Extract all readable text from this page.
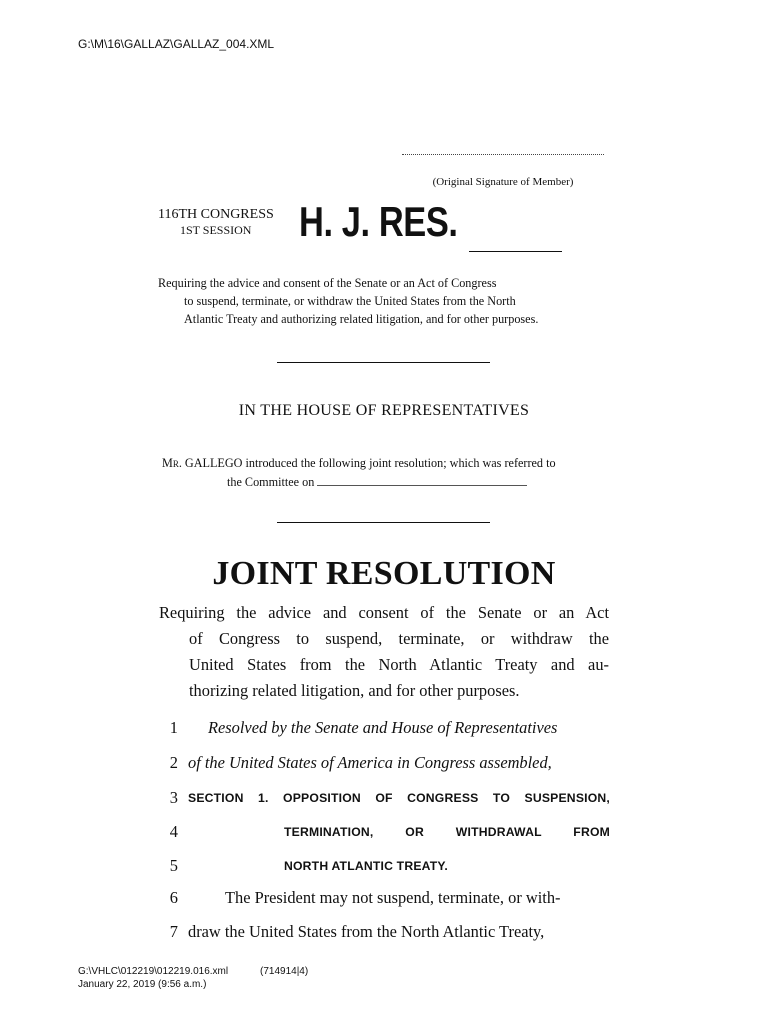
G:\M\16\GALLAZ\GALLAZ_004.XML
(Original Signature of Member)
116TH CONGRESS
1ST SESSION H. J. RES.
Requiring the advice and consent of the Senate or an Act of Congress
to suspend, terminate, or withdraw the United States from the North
Atlantic Treaty and authorizing related litigation, and for other purposes.
IN THE HOUSE OF REPRESENTATIVES
Mr. GALLEGO introduced the following joint resolution; which was referred to
the Committee on
JOINT RESOLUTION
Requiring the advice and consent of the Senate or an Act
of Congress to suspend, terminate, or withdraw the
United States from the North Atlantic Treaty and au-
thorizing related litigation, and for other purposes.
1	Resolved by the Senate and House of Representatives
2 of the United States of America in Congress assembled,
3 SECTION 1. OPPOSITION OF CONGRESS TO SUSPENSION,
4	TERMINATION, OR WITHDRAWAL FROM
5	NORTH ATLANTIC TREATY.
6	The President may not suspend, terminate, or with-
7 draw the United States from the North Atlantic Treaty,
G:\VHLC\012219\012219.016.xml	(714914|4)
January 22, 2019 (9:56 a.m.)
